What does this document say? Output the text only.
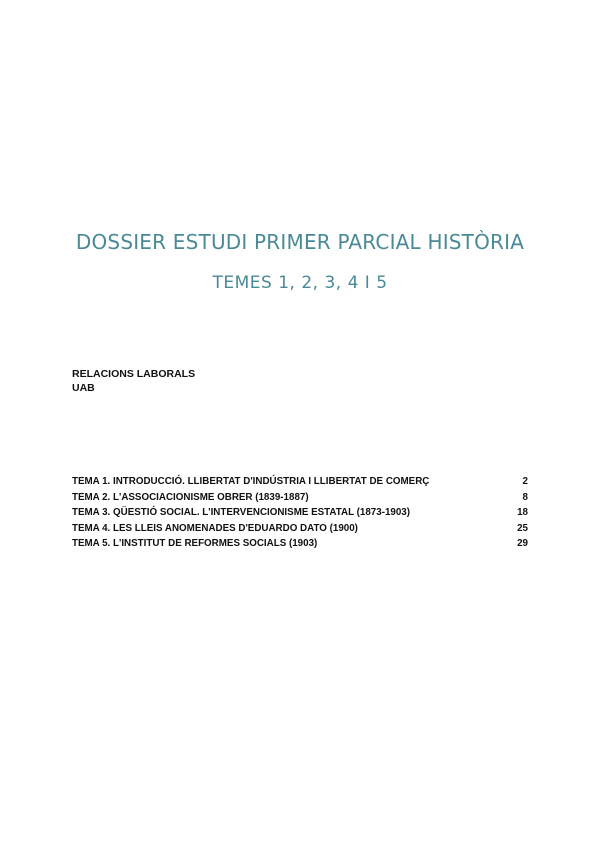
DOSSIER ESTUDI PRIMER PARCIAL HISTÒRIA
TEMES 1, 2, 3, 4 I 5
RELACIONS LABORALS
UAB
TEMA 1. INTRODUCCIÓ. LLIBERTAT D'INDÚSTRIA I LLIBERTAT DE COMERÇ	2
TEMA 2. L'ASSOCIACIONISME OBRER (1839-1887)	8
TEMA 3. QÜESTIÓ SOCIAL. L'INTERVENCIONISME ESTATAL (1873-1903)	18
TEMA 4. LES LLEIS ANOMENADES D'EDUARDO DATO (1900)	25
TEMA 5. L'INSTITUT DE REFORMES SOCIALS (1903)	29
